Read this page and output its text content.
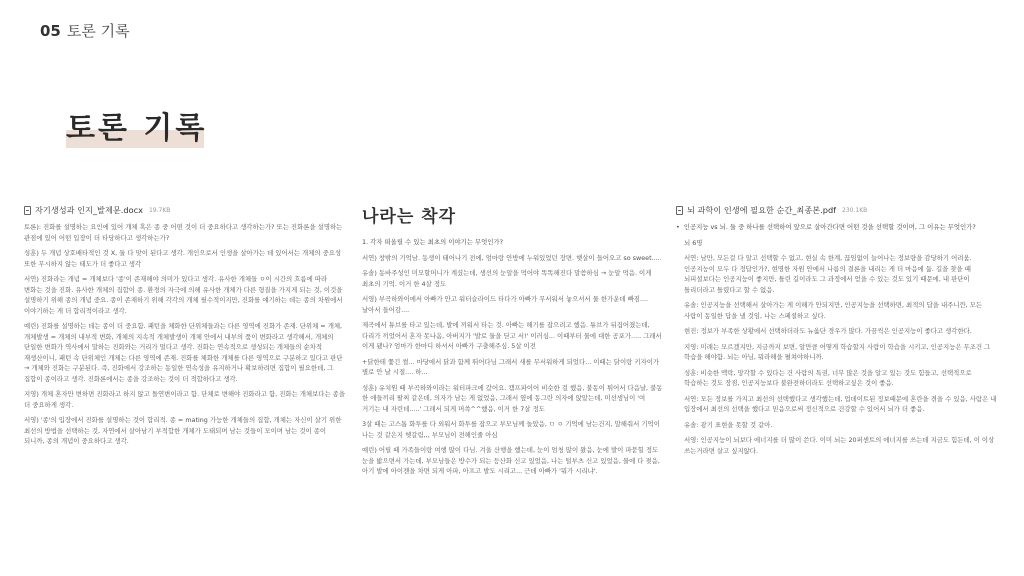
05 토론 기록
토론 기록
자기생성과 인지_발제문.docx 19.7KB

토론): 진화를 설명하는 요인에 있어 개체 혹은 종 중 어떤 것이 더 중요하다고 생각하는가? 또는 진화론을 설명하는 관점에 있어 어떤 입장이 더 타당하다고 생각하는가?

성훈) 두 개념 상호배타적인 것 X, 둘 다 맞이 된다고 생각. 개인으로서 인생을 살아가는 데 있어서는 개체의 중요성 또한 무시하지 않는 태도가 더 좋다고 생각

서연) 진화라는 개념 = 개체보다 '종'이 존재해야 의미가 있다고 생각. 유사한 개체들 ㅇ이 시간의 흐름에 따라 변화는 것을 진화. 유사한 개체의 집합이 종. 환경의 자극에 의해 유사한 개체가 다른 형질을 가지게 되는 것, 이것을 설명하기 위해 종의 개념 중요. 종이 존재하기 위해 각각의 개체 필수적이지만, 진화를 얘기하는 데는 종의 차원에서 이야기하는 게 더 합리적이라고 생각.

예린) 진화를 설명하는 데는 종이 더 중요함. 패턴을 체화한 단위체들과는 다른 영역에 진화가 존재. 단위체 = 개체, 개체발생 = 개체의 내부적 변화, 개체의 지속적 개체발생이 개체 안에서 내부의 품이 변화라고 생각해서, 개체의 단일한 변화가 역사에서 말하는 진화와는 거리가 멀다고 생각. 진화는 연속적으로 생성되는 개체들의 순차적 재생산이니, 패턴 속 단위체인 개체는 다른 영역에 존재. 진화를 체화한 개체를 다른 영역으로 구분하고 있다고 판단 → 개체와 진화는 구분된다. 즉, 진화에서 강조하는 동일한 연속성을 유지하거나 확보하려면 집합이 필요한데, 그 집합이 종이라고 생각. 진화론에서는 종을 강조하는 것이 더 적합하다고 생각.

지영) 개체 혼자만 변하면 진화라고 하지 않고 돌연변이라고 함. 단체로 변해야 진화라고 함, 진화는 개체보다는 종을 더 중요하게 생각.

서영) '종'의 입장에서 진화를 설명하는 것이 합리적. 종 = mating 가능한 개체들의 집합, 개체는 자신이 살기 위한 최선의 방법을 선택하는 것, 자연에서 살아남기 부적합한 개체가 도태되며 남는 것들이 모이며 남는 것이 종이 되니까, 종의 개념이 중요하다고 생각.

나라는 착각

1. 각자 떠올릴 수 있는 최초의 이야기는 무엇인가?

서연) 창밖의 기억남. 동생이 태어나기 전에, 엄마랑 안방에 누워있었던 장면. 햇살이 들어오고 so sweet.....

유솔) 동바주성인 미모할머니가 계셨는데, 생선의 눈알을 먹어야 똑똑해진다 말씀하심 → 눈알 먹음. 이게 최초의 기억. 이거 한 4살 정도

서영) 부곡하와이에서 아빠가 안고 워터슬라이드 타다가 아빠가 무서워서 놓으셔서 물 한가운데 빠짐.... 날아서 들어감....

제곡에서 튜브를 타고 있는데, 발에 끼워서 타는 것. 아빠는 해기를 잡으려고 했음. 튜브가 뒤집어졌는데, 다리가 끼었어서 혼자 못나옴, 아버지가 '발로 둘을 딛고 서!' 이러심... 이때부터 물에 대한 공포가..... 그래서 이게 됐나? 엄마가 한마디 하셔서 아빠가 구출해주심. 5살 이전

+닭한테 쫓긴 썰... 마당에서 닭과 함께 뛰어다님 그래서 새를 무서워하게 되었다... 이때는 닭이랑 키자이가 별로 안 날 시절.... 하...

성훈) 유치원 때 부곡하와이라는 워터파크에 갔어요. 캠프파이어 비슷한 걸 했음, 불동이 튀어서 다음날, 불동 한 애들끼리 팔찌 같은데, 의자가 남는 게 없었음, 그래서 옆에 동그란 의자에 앉았는데, 미선생님이 '여 거기는 내 자린데.....' 그래서 되게 머쓱^^했음, 이거 한 7살 정도

3살 때는 고스톱 화투를 다 외워서 화투를 잡으고 부모님께 놀았음, ㅁ ㅇ 기억에 남는건지, 말해줘서 기억이 나는 것 같은지 헷갈림,,, 부모님이 전해인줄 아심

예린) 어릴 때 가족들이랑 여행 많이 다님. 겨울 산행을 했는데, 눈이 엄청 많이 왔음, 눈에 발이 파묻힐 정도 눈을 밟으면서 가는데, 부모님들은 방수가 되는 등산화 신고 있었음, 나는 털부츠 신고 있었음, 물에 다 젖음, 아기 발에 아이젠을 차면 되게 아파, 아프고 발도 시리고... 근데 아빠가 '뭐가 시리냐'.

뇌 과학이 인생에 필요한 순간_최종본.pdf 230.1KB
• 인공지능 vs 뇌. 둘 중 하나를 선택하여 앞으로 살아간다면 어떤 것을 선택할 것이며, 그 이유는 무엇인가?

뇌 6명

서연: 남만, 모든걸 다 알고 선택할 수 없고, 현실 속 한계, 끊임없이 늘어나는 정보량을 감당하기 어려움. 인공지능이 모두 다 정답인가?, 현명한 자원 안에서 나름의 결론을 내리는 게 더 마음에 듦. 길을 찾을 때 뇌피셜보다는 인공지능이 좋지만, 틀린 길이라도 그 과정에서 얻을 수 있는 것도 있기 때문에, 내 판단이 틀리더라고 틀렸다고 할 수 없음.

유솔: 인공지능을 선택해서 살아가는 게 이해가 안되지만, 인공지능을 선택하면, 최적의 답을 내주니깐, 모든 사람이 동일한 답을 낼 것임, 나는 스페셜하고 싶다.

현진: 정보가 부족한 상황에서 선택하더라도 뉴옳단 경우가 많다. 가끔씩은 인공지능이 좋다고 생각한다.

지영: 미래는 모르겠지만, 지금까지 보면, 알만큼 어떻게 학습할지 사람이 학습을 시키고, 인공지능은 무조건 그 학습을 해야함. 뇌는 아님, 뭐라해을 펼쳐야하니까.

성훈: 비슷한 맥락, 망각할 수 있다는 건 사람의 특권, 너무 많은 것을 알고 있는 것도 힘들고, 선택적으로 학습하는 것도 장점, 인공지능보다 불완전하더라도 선택하고싶은 것이 좋음.

서연: 모든 정보를 가지고 최선의 선택했다고 생각했는데, 업데이트된 정보때문에 혼란을 겪을 수 있음, 사람은 내 입장에서 최선의 선택을 했다고 믿음으로써 정신적으로 건강할 수 있어서 뇌가 더 좋음.

유솔: 광기 표현을 못할 것 같아.

서영: 인공지능이 뇌보다 에너지를 더 많이 쓴다. 이미 뇌는 20퍼센트의 에너지를 쓰는데 지금도 힘든데, 이 이상 쓰는거라면 살고 싶지않다.
